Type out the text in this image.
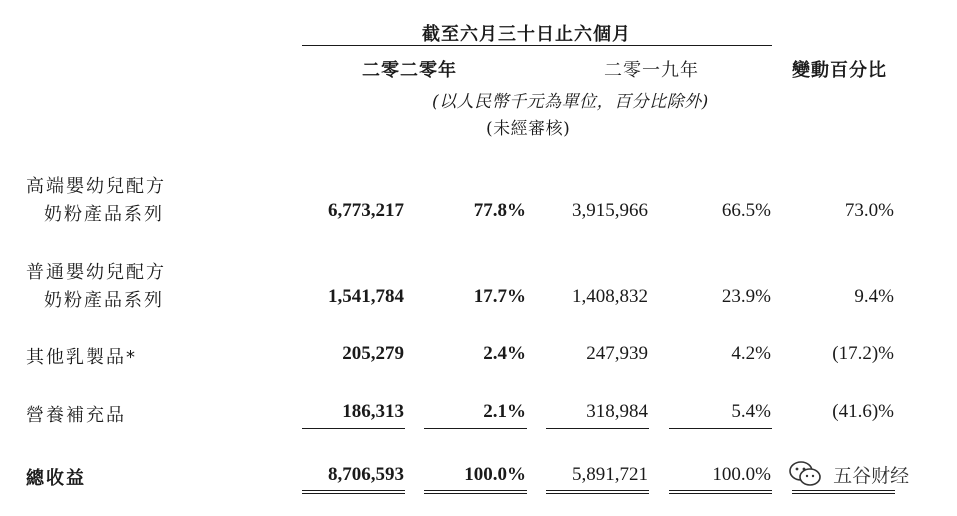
截至六月三十日止六個月
二零二零年	二零一九年	變動百分比
(以人民幣千元為單位，百分比除外)
(未經審核)
高端嬰幼兒配方
奶粉產品系列	6,773,217	77.8% 3,915,966	66.5%	73.0%
普通嬰幼兒配方
奶粉產品系列	1,541,784	17.7% 1,408,832	23.9%	9.4%
其他乳製品*	205,279	2.4%	247,939	4.2%	(17.2)%
營養補充品	186,313	2.1%	318,984	5.4%	(41.6)%
總收益	8,706,593	100.0% 5,891,721	100.0%	五谷财经
